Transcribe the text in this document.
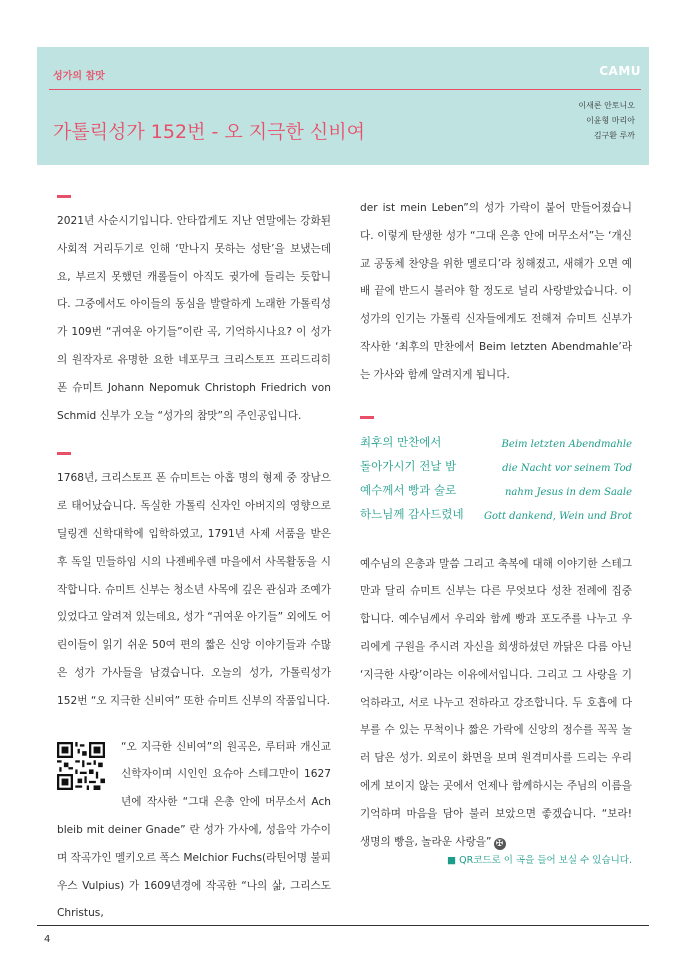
성가의 참맛	CAMU
가톨릭성가 152번 - 오 지극한 신비여
이새론 안토니오
이윤형 마리아
김구환 루까

2021년 사순시기입니다. 안타깝게도 지난 연말에는 강화된 사회적 거리두기로 인해 ‘만나지 못하는 성탄’을 보냈는데요, 부르지 못했던 캐롤들이 아직도 귓가에 들리는 듯합니다. 그중에서도 아이들의 동심을 발랄하게 노래한 가톨릭성가 109번 “귀여운 아기들”이란 곡, 기억하시나요? 이 성가의 원작자로 유명한 요한 네포무크 크리스토프 프리드리히 폰 슈미트 Johann Nepomuk Christoph Friedrich von Schmid 신부가 오늘 “성가의 참맛”의 주인공입니다.

1768년, 크리스토프 폰 슈미트는 아홉 명의 형제 중 장남으로 태어났습니다. 독실한 가톨릭 신자인 아버지의 영향으로 딜링겐 신학대학에 입학하였고, 1791년 사제 서품을 받은 후 독일 민들하임 시의 나젠베우렌 마을에서 사목활동을 시작합니다. 슈미트 신부는 청소년 사목에 깊은 관심과 조예가 있었다고 알려져 있는데요, 성가 “귀여운 아기들” 외에도 어린이들이 읽기 쉬운 50여 편의 짧은 신앙 이야기들과 수많은 성가 가사들을 남겼습니다. 오늘의 성가, 가톨릭성가 152번 “오 지극한 신비여” 또한 슈미트 신부의 작품입니다.

“오 지극한 신비여”의 원곡은, 루터파 개신교 신학자이며 시인인 요슈아 스테그만이 1627년에 작사한 “그대 은총 안에 머무소서 Ach bleib mit deiner Gnade” 란 성가 가사에, 성음악 가수이며 작곡가인 멜키오르 폭스 Melchior Fuchs(라틴어명 불피우스 Vulpius) 가 1609년경에 작곡한 “나의 삶, 그리스도 Christus,

der ist mein Leben”의 성가 가락이 붙어 만들어졌습니다. 이렇게 탄생한 성가 “그대 은총 안에 머무소서”는 ‘개신교 공동체 찬양을 위한 멜로디’라 칭해졌고, 새해가 오면 예배 끝에 반드시 불러야 할 정도로 널리 사랑받았습니다. 이 성가의 인기는 가톨릭 신자들에게도 전해져 슈미트 신부가 작사한 ‘최후의 만찬에서 Beim letzten Abendmahle’라는 가사와 함께 알려지게 됩니다.

최후의 만찬에서	Beim letzten Abendmahle
돌아가시기 전날 밤	die Nacht vor seinem Tod
예수께서 빵과 술로	nahm Jesus in dem Saale
하느님께 감사드렸네 Gott dankend, Wein und Brot

예수님의 은총과 말씀 그리고 축복에 대해 이야기한 스테그만과 달리 슈미트 신부는 다른 무엇보다 성찬 전례에 집중합니다. 예수님께서 우리와 함께 빵과 포도주를 나누고 우리에게 구원을 주시려 자신을 희생하셨던 까닭은 다름 아닌 ‘지극한 사랑’이라는 이유에서입니다. 그리고 그 사랑을 기억하라고, 서로 나누고 전하라고 강조합니다. 두 호흡에 다 부를 수 있는 무척이나 짧은 가락에 신앙의 정수를 꼭꼭 눌러 담은 성가. 외로이 화면을 보며 원격미사를 드리는 우리에게 보이지 않는 곳에서 언제나 함께하시는 주님의 이름을 기억하며 마음을 담아 불러 보았으면 좋겠습니다. “보라! 생명의 빵을, 놀라운 사랑을” ✠

■ QR코드로 이 곡을 들어 보실 수 있습니다.
4
